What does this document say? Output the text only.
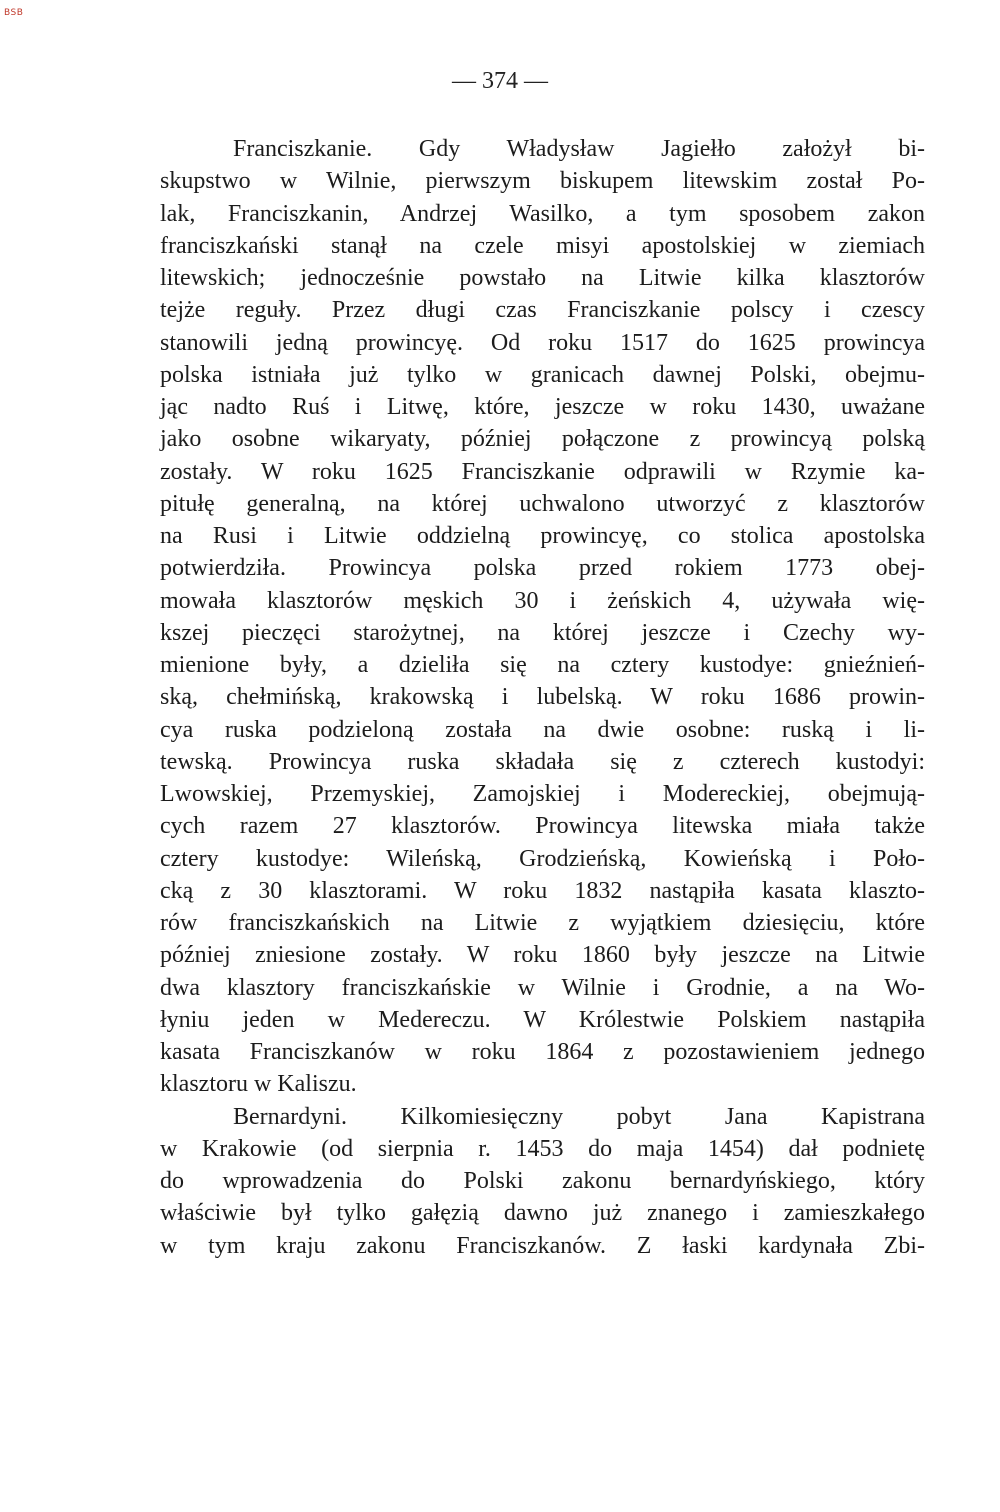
BSB
— 374 —
Franciszkanie. Gdy Władysław Jagiełło założył bi-
skupstwo w Wilnie, pierwszym biskupem litewskim został Po-
lak, Franciszkanin, Andrzej Wasilko, a tym sposobem zakon
franciszkański stanął na czele misyi apostolskiej w ziemiach
litewskich; jednocześnie powstało na Litwie kilka klasztorów
tejże reguły. Przez długi czas Franciszkanie polscy i czescy
stanowili jedną prowincyę. Od roku 1517 do 1625 prowincya
polska istniała już tylko w granicach dawnej Polski, obejmu-
jąc nadto Ruś i Litwę, które, jeszcze w roku 1430, uważane
jako osobne wikaryaty, później połączone z prowincyą polską
zostały. W roku 1625 Franciszkanie odprawili w Rzymie ka-
pitułę generalną, na której uchwalono utworzyć z klasztorów
na Rusi i Litwie oddzielną prowincyę, co stolica apostolska
potwierdziła. Prowincya polska przed rokiem 1773 obej-
mowała klasztorów męskich 30 i żeńskich 4, używała wię-
kszej pieczęci starożytnej, na której jeszcze i Czechy wy-
mienione były, a dzieliła się na cztery kustodye: gnieźnień-
ską, chełmińską, krakowską i lubelską. W roku 1686 prowin-
cya ruska podzieloną została na dwie osobne: ruską i li-
tewską. Prowincya ruska składała się z czterech kustodyi:
Lwowskiej, Przemyskiej, Zamojskiej i Modereckiej, obejmują-
cych razem 27 klasztorów. Prowincya litewska miała także
cztery kustodye: Wileńską, Grodzieńską, Kowieńską i Poło-
cką z 30 klasztorami. W roku 1832 nastąpiła kasata klaszto-
rów franciszkańskich na Litwie z wyjątkiem dziesięciu, które
później zniesione zostały. W roku 1860 były jeszcze na Litwie
dwa klasztory franciszkańskie w Wilnie i Grodnie, a na Wo-
łyniu jeden w Medereczu. W Królestwie Polskiem nastąpiła
kasata Franciszkanów w roku 1864 z pozostawieniem jednego
klasztoru w Kaliszu.
Bernardyni. Kilkomiesięczny pobyt Jana Kapistrana
w Krakowie (od sierpnia r. 1453 do maja 1454) dał podnietę
do wprowadzenia do Polski zakonu bernardyńskiego, który
właściwie był tylko gałęzią dawno już znanego i zamieszkałego
w tym kraju zakonu Franciszkanów. Z łaski kardynała Zbi-
